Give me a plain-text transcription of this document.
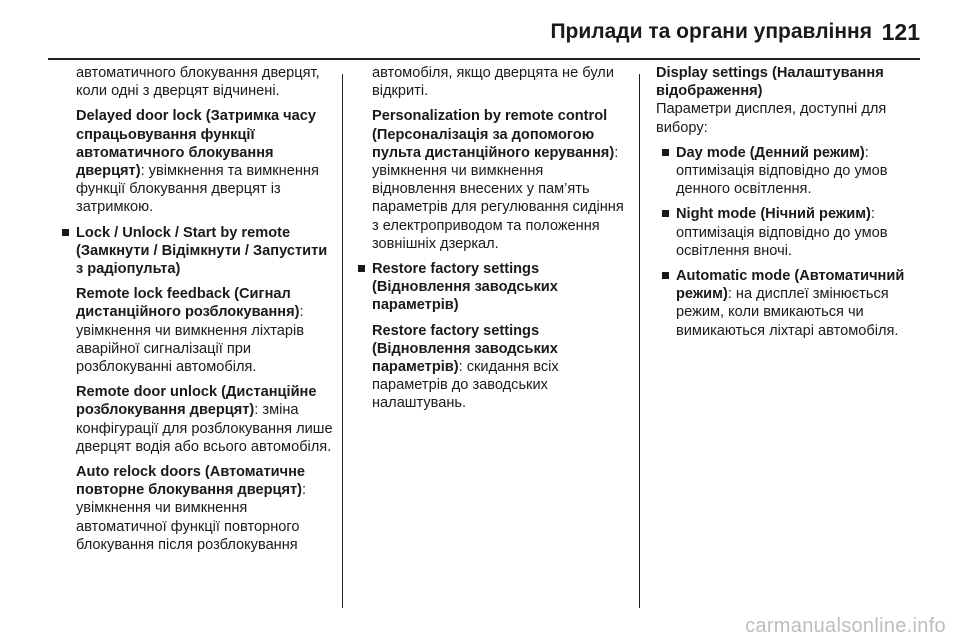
Прилади та органи управління 121

автоматичного блокування дверцят, коли одні з дверцят відчинені.

Delayed door lock (Затримка часу спрацьовування функції автоматичного блокування дверцят): увімкнення та вимкнення функції блокування дверцят із затримкою.

Lock / Unlock / Start by remote (Замкнути / Відімкнути / Запустити з радіопульта)

Remote lock feedback (Сигнал дистанційного розблокування): увімкнення чи вимкнення ліхтарів аварійної сигналізації при розблокуванні автомобіля.

Remote door unlock (Дистанційне розблокування дверцят): зміна конфігурації для розблокування лише дверцят водія або всього автомобіля.

Auto relock doors (Автоматичне повторне блокування дверцят): увімкнення чи вимкнення автоматичної функції повторного блокування після розблокування

автомобіля, якщо дверцята не були відкриті.

Personalization by remote control (Персоналізація за допомогою пульта дистанційного керування): увімкнення чи вимкнення відновлення внесених у пам’ять параметрів для регулювання сидіння з електроприводом та положення зовнішніх дзеркал.

Restore factory settings (Відновлення заводських параметрів)

Restore factory settings (Відновлення заводських параметрів): скидання всіх параметрів до заводських налаштувань.

Display settings (Налаштування відображення)
Параметри дисплея, доступні для вибору:

Day mode (Денний режим): оптимізація відповідно до умов денного освітлення.
Night mode (Нічний режим): оптимізація відповідно до умов освітлення вночі.
Automatic mode (Автоматичний режим): на дисплеї змінюється режим, коли вмикаються чи вимикаються ліхтарі автомобіля.
carmanualsonline.info
